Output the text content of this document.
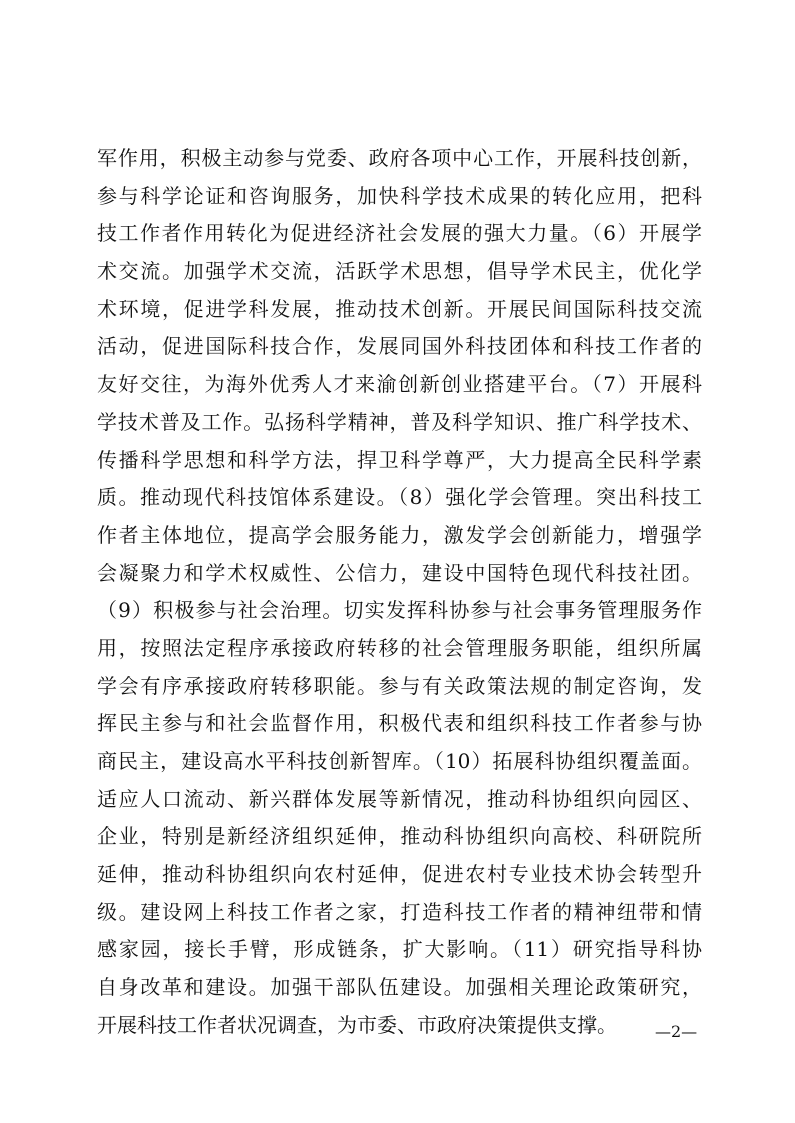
军作用，积极主动参与党委、政府各项中心工作，开展科技创新，
参与科学论证和咨询服务，加快科学技术成果的转化应用，把科
技工作者作用转化为促进经济社会发展的强大力量。（6）开展学
术交流。加强学术交流，活跃学术思想，倡导学术民主，优化学
术环境，促进学科发展，推动技术创新。开展民间国际科技交流
活动，促进国际科技合作，发展同国外科技团体和科技工作者的
友好交往，为海外优秀人才来渝创新创业搭建平台。（7）开展科
学技术普及工作。弘扬科学精神，普及科学知识、推广科学技术、
传播科学思想和科学方法，捍卫科学尊严，大力提高全民科学素
质。推动现代科技馆体系建设。（8）强化学会管理。突出科技工
作者主体地位，提高学会服务能力，激发学会创新能力，增强学
会凝聚力和学术权威性、公信力，建设中国特色现代科技社团。
（9）积极参与社会治理。切实发挥科协参与社会事务管理服务作
用，按照法定程序承接政府转移的社会管理服务职能，组织所属
学会有序承接政府转移职能。参与有关政策法规的制定咨询，发
挥民主参与和社会监督作用，积极代表和组织科技工作者参与协
商民主，建设高水平科技创新智库。（10）拓展科协组织覆盖面。
适应人口流动、新兴群体发展等新情况，推动科协组织向园区、
企业，特别是新经济组织延伸，推动科协组织向高校、科研院所
延伸，推动科协组织向农村延伸，促进农村专业技术协会转型升
级。建设网上科技工作者之家，打造科技工作者的精神纽带和情
感家园，接长手臂，形成链条，扩大影响。（11）研究指导科协
自身改革和建设。加强干部队伍建设。加强相关理论政策研究，
开展科技工作者状况调查，为市委、市政府决策提供支撑。	—2—
